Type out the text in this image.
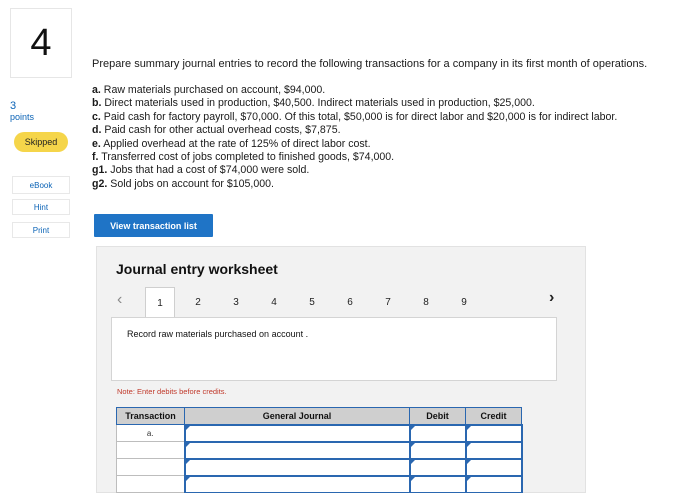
4
3
points
Skipped
eBook
Hint
Print
Prepare summary journal entries to record the following transactions for a company in its first month of operations.
a. Raw materials purchased on account, $94,000.
b. Direct materials used in production, $40,500. Indirect materials used in production, $25,000.
c. Paid cash for factory payroll, $70,000. Of this total, $50,000 is for direct labor and $20,000 is for indirect labor.
d. Paid cash for other actual overhead costs, $7,875.
e. Applied overhead at the rate of 125% of direct labor cost.
f. Transferred cost of jobs completed to finished goods, $74,000.
g1. Jobs that had a cost of $74,000 were sold.
g2. Sold jobs on account for $105,000.
View transaction list
Journal entry worksheet
‹	1	2	3	4	5	6	7	8	9	›
Record raw materials purchased on account .
Note: Enter debits before credits.
Transaction	General Journal	Debit	Credit
a.			
